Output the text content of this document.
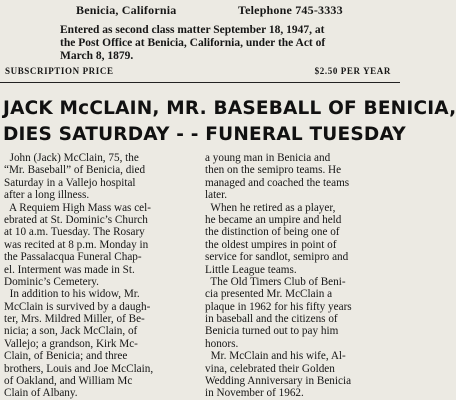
Benicia, California	Telephone 745-3333
Entered as second class matter September 18, 1947, at
the Post Office at Benicia, California, under the Act of
March 8, 1879.
SUBSCRIPTION PRICE	$2.50 PER YEAR
JACK McCLAIN, MR. BASEBALL OF BENICIA,
DIES SATURDAY - - FUNERAL TUESDAY
John (Jack) McClain, 75, the
“Mr. Baseball” of Benicia, died
Saturday in a Vallejo hospital
after a long illness.
A Requiem High Mass was cel-
ebrated at St. Dominic’s Church
at 10 a.m. Tuesday. The Rosary
was recited at 8 p.m. Monday in
the Passalacqua Funeral Chap-
el. Interment was made in St.
Dominic’s Cemetery.
In addition to his widow, Mr.
McClain is survived by a daugh-
ter, Mrs. Mildred Miller, of Be-
nicia; a son, Jack McClain, of
Vallejo; a grandson, Kirk Mc-
Clain, of Benicia; and three
brothers, Louis and Joe McClain,
of Oakland, and William Mc
Clain of Albany.
a young man in Benicia and
then on the semipro teams. He
managed and coached the teams
later.
When he retired as a player,
he became an umpire and held
the distinction of being one of
the oldest umpires in point of
service for sandlot, semipro and
Little League teams.
The Old Timers Club of Beni-
cia presented Mr. McClain a
plaque in 1962 for his fifty years
in baseball and the citizens of
Benicia turned out to pay him
honors.
Mr. McClain and his wife, Al-
vina, celebrated their Golden
Wedding Anniversary in Benicia
in November of 1962.
